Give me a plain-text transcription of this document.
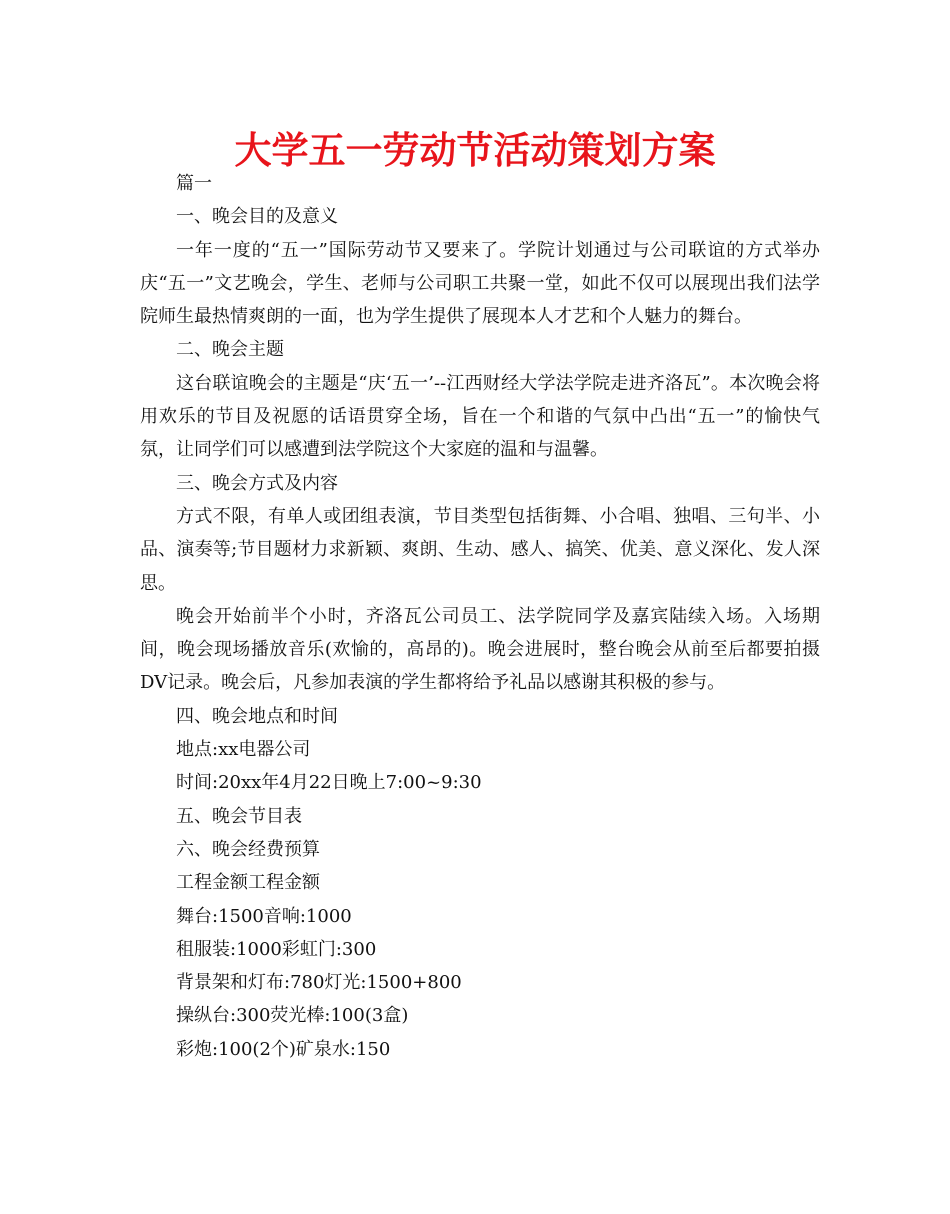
大学五一劳动节活动策划方案
篇一
一、晚会目的及意义

一年一度的“五一”国际劳动节又要来了。学院计划通过与公司联谊的方式举办庆“五一”文艺晚会，学生、老师与公司职工共聚一堂，如此不仅可以展现出我们法学院师生最热情爽朗的一面，也为学生提供了展现本人才艺和个人魅力的舞台。

二、晚会主题

这台联谊晚会的主题是“庆‘五一’--江西财经大学法学院走进齐洛瓦”。本次晚会将用欢乐的节目及祝愿的话语贯穿全场，旨在一个和谐的气氛中凸出“五一”的愉快气氛，让同学们可以感遭到法学院这个大家庭的温和与温馨。

三、晚会方式及内容

方式不限，有单人或团组表演，节目类型包括街舞、小合唱、独唱、三句半、小品、演奏等;节目题材力求新颖、爽朗、生动、感人、搞笑、优美、意义深化、发人深思。

晚会开始前半个小时，齐洛瓦公司员工、法学院同学及嘉宾陆续入场。入场期间，晚会现场播放音乐(欢愉的，高昂的)。晚会进展时，整台晚会从前至后都要拍摄DV记录。晚会后，凡参加表演的学生都将给予礼品以感谢其积极的参与。

四、晚会地点和时间
地点:xx电器公司
时间:20xx年4月22日晚上7:00~9:30
五、晚会节目表
六、晚会经费预算
工程金额工程金额
舞台:1500音响:1000
租服装:1000彩虹门:300
背景架和灯布:780灯光:1500+800
操纵台:300荧光棒:100(3盒)
彩炮:100(2个)矿泉水:150
